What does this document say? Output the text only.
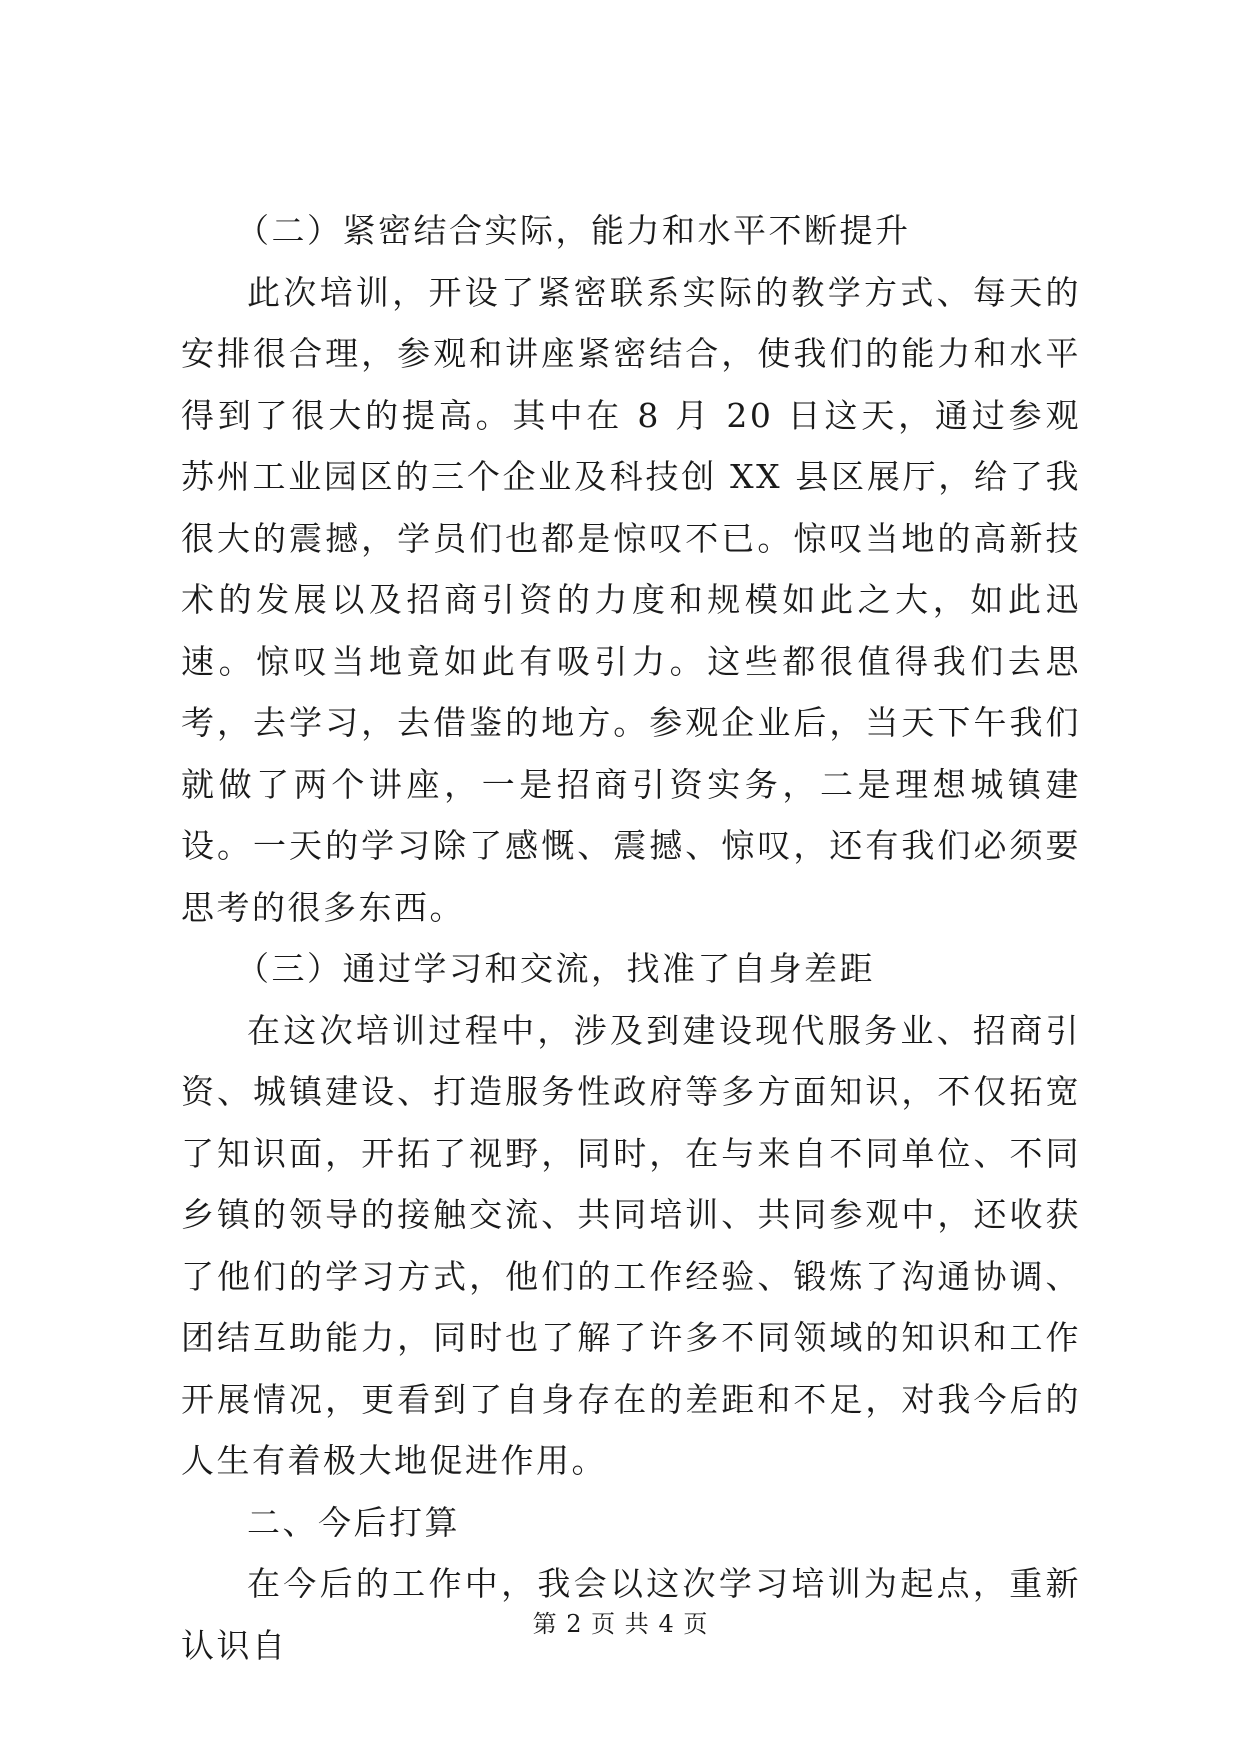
（二）紧密结合实际，能力和水平不断提升

此次培训，开设了紧密联系实际的教学方式、每天的安排很合理，参观和讲座紧密结合，使我们的能力和水平得到了很大的提高。其中在 8 月 20 日这天，通过参观苏州工业园区的三个企业及科技创 XX 县区展厅，给了我很大的震撼，学员们也都是惊叹不已。惊叹当地的高新技术的发展以及招商引资的力度和规模如此之大，如此迅速。惊叹当地竟如此有吸引力。这些都很值得我们去思考，去学习，去借鉴的地方。参观企业后，当天下午我们就做了两个讲座，一是招商引资实务，二是理想城镇建设。一天的学习除了感慨、震撼、惊叹，还有我们必须要思考的很多东西。

（三）通过学习和交流，找准了自身差距

在这次培训过程中，涉及到建设现代服务业、招商引资、城镇建设、打造服务性政府等多方面知识，不仅拓宽了知识面，开拓了视野，同时，在与来自不同单位、不同乡镇的领导的接触交流、共同培训、共同参观中，还收获了他们的学习方式，他们的工作经验、锻炼了沟通协调、团结互助能力，同时也了解了许多不同领域的知识和工作开展情况，更看到了自身存在的差距和不足，对我今后的人生有着极大地促进作用。

二、今后打算

在今后的工作中，我会以这次学习培训为起点，重新认识自

第 2 页 共 4 页
